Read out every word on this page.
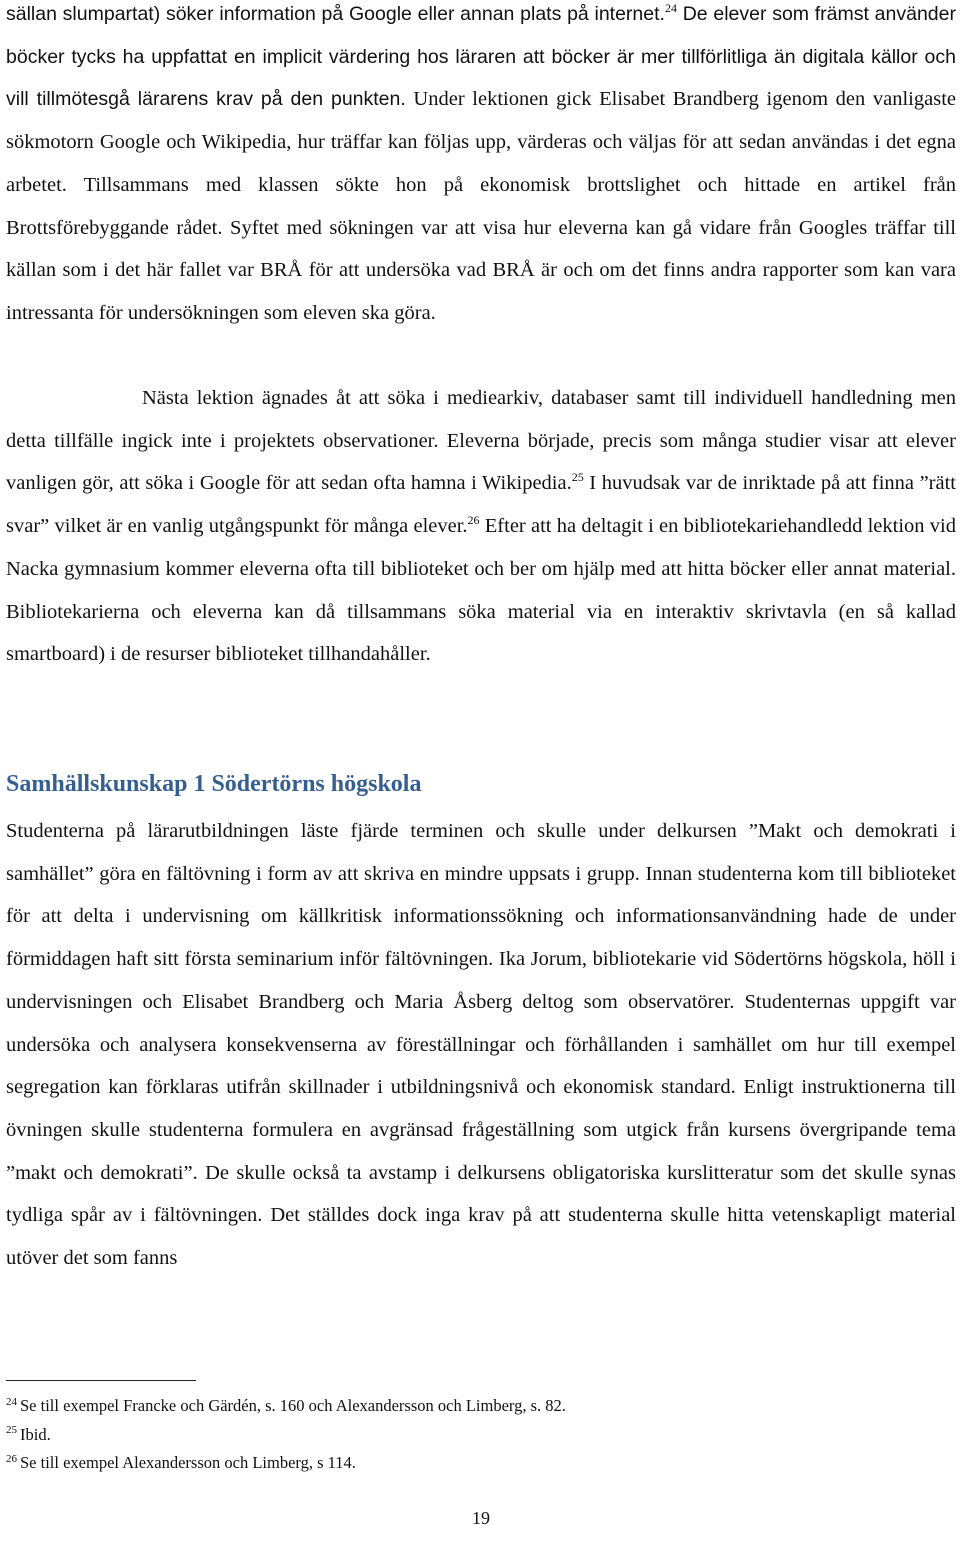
sällan slumpartat) söker information på Google eller annan plats på internet.$^{24}$ De elever som främst använder böcker tycks ha uppfattat en implicit värdering hos läraren att böcker är mer tillförlitliga än digitala källor och vill tillmötesgå lärarens krav på den punkten. Under lektionen gick Elisabet Brandberg igenom den vanligaste sökmotorn Google och Wikipedia, hur träffar kan följas upp, värderas och väljas för att sedan användas i det egna arbetet. Tillsammans med klassen sökte hon på ekonomisk brottslighet och hittade en artikel från Brottsförebyggande rådet. Syftet med sökningen var att visa hur eleverna kan gå vidare från Googles träffar till källan som i det här fallet var BRÅ för att undersöka vad BRÅ är och om det finns andra rapporter som kan vara intressanta för undersökningen som eleven ska göra.

Nästa lektion ägnades åt att söka i mediearkiv, databaser samt till individuell handledning men detta tillfälle ingick inte i projektets observationer. Eleverna började, precis som många studier visar att elever vanligen gör, att söka i Google för att sedan ofta hamna i Wikipedia.$^{25}$ I huvudsak var de inriktade på att finna ”rätt svar” vilket är en vanlig utgångspunkt för många elever.$^{26}$ Efter att ha deltagit i en bibliotekariehandledd lektion vid Nacka gymnasium kommer eleverna ofta till biblioteket och ber om hjälp med att hitta böcker eller annat material. Bibliotekarierna och eleverna kan då tillsammans söka material via en interaktiv skrivtavla (en så kallad smartboard) i de resurser biblioteket tillhandahåller.

Samhällskunskap 1 Södertörns högskola

Studenterna på lärarutbildningen läste fjärde terminen och skulle under delkursen ”Makt och demokrati i samhället” göra en fältövning i form av att skriva en mindre uppsats i grupp. Innan studenterna kom till biblioteket för att delta i undervisning om källkritisk informationssökning och informationsanvändning hade de under förmiddagen haft sitt första seminarium inför fältövningen. Ika Jorum, bibliotekarie vid Södertörns högskola, höll i undervisningen och Elisabet Brandberg och Maria Åsberg deltog som observatörer. Studenternas uppgift var undersöka och analysera konsekvenserna av föreställningar och förhållanden i samhället om hur till exempel segregation kan förklaras utifrån skillnader i utbildningsnivå och ekonomisk standard. Enligt instruktionerna till övningen skulle studenterna formulera en avgränsad frågeställning som utgick från kursens övergripande tema ”makt och demokrati”. De skulle också ta avstamp i delkursens obligatoriska kurslitteratur som det skulle synas tydliga spår av i fältövningen. Det ställdes dock inga krav på att studenterna skulle hitta vetenskapligt material utöver det som fanns

$^{24}$ Se till exempel Francke och Gärdén, s. 160 och Alexandersson och Limberg, s. 82.

$^{25}$ Ibid.

$^{26}$ Se till exempel Alexandersson och Limberg, s 114.

19
